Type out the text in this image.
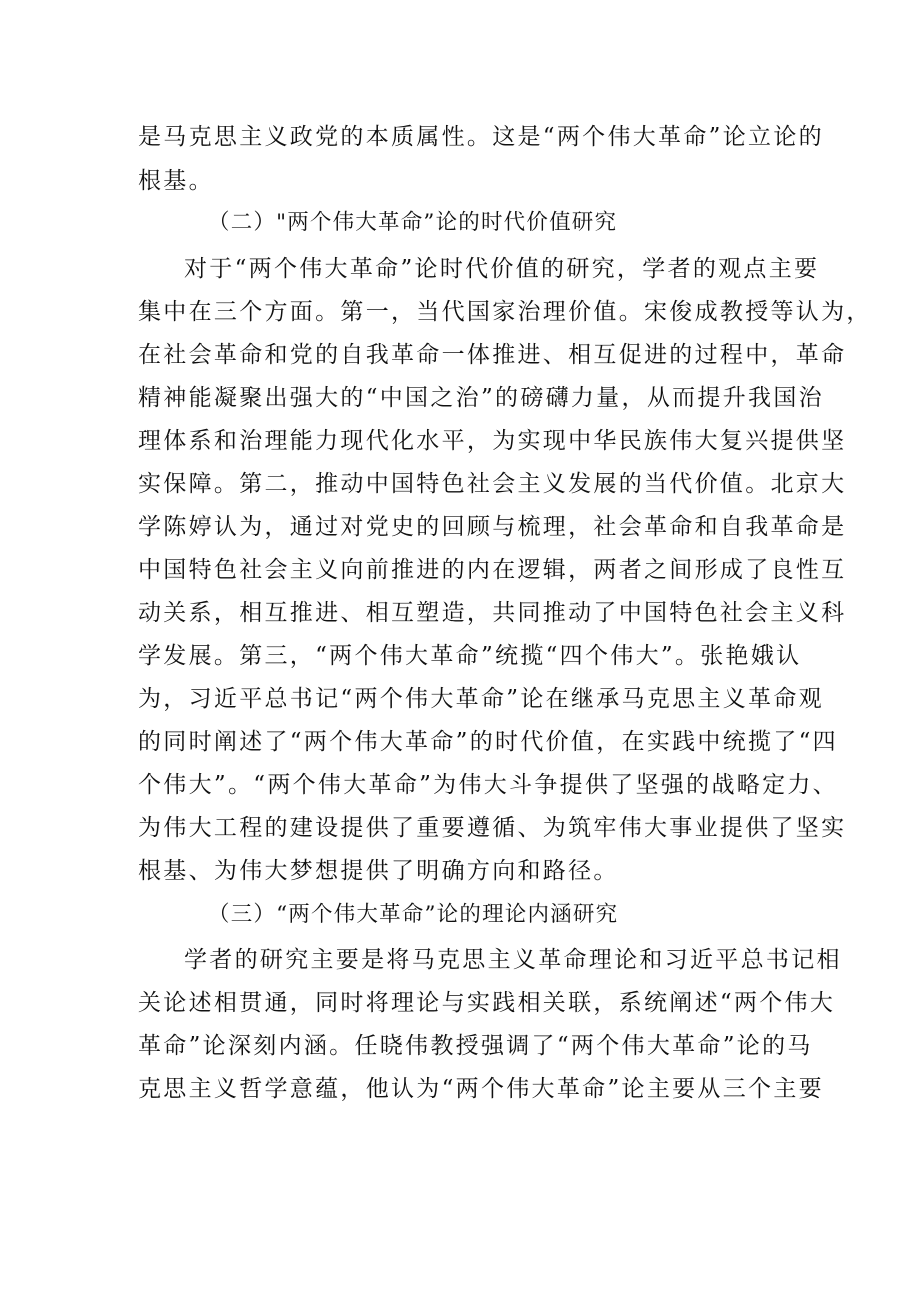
是马克思主义政党的本质属性。这是“两个伟大革命”论立论的
根基。
（二）"两个伟大革命”论的时代价值研究
对于“两个伟大革命”论时代价值的研究，学者的观点主要
集中在三个方面。第一，当代国家治理价值。宋俊成教授等认为，
在社会革命和党的自我革命一体推进、相互促进的过程中，革命
精神能凝聚出强大的“中国之治”的磅礴力量，从而提升我国治
理体系和治理能力现代化水平，为实现中华民族伟大复兴提供坚
实保障。第二，推动中国特色社会主义发展的当代价值。北京大
学陈婷认为，通过对党史的回顾与梳理，社会革命和自我革命是
中国特色社会主义向前推进的内在逻辑，两者之间形成了良性互
动关系，相互推进、相互塑造，共同推动了中国特色社会主义科
学发展。第三，“两个伟大革命”统揽“四个伟大”。张艳娥认
为，习近平总书记“两个伟大革命”论在继承马克思主义革命观
的同时阐述了“两个伟大革命”的时代价值，在实践中统揽了“四
个伟大”。“两个伟大革命”为伟大斗争提供了坚强的战略定力、
为伟大工程的建设提供了重要遵循、为筑牢伟大事业提供了坚实
根基、为伟大梦想提供了明确方向和路径。
（三）“两个伟大革命”论的理论内涵研究
学者的研究主要是将马克思主义革命理论和习近平总书记相
关论述相贯通，同时将理论与实践相关联，系统阐述“两个伟大
革命”论深刻内涵。任晓伟教授强调了“两个伟大革命”论的马
克思主义哲学意蕴，他认为“两个伟大革命”论主要从三个主要
